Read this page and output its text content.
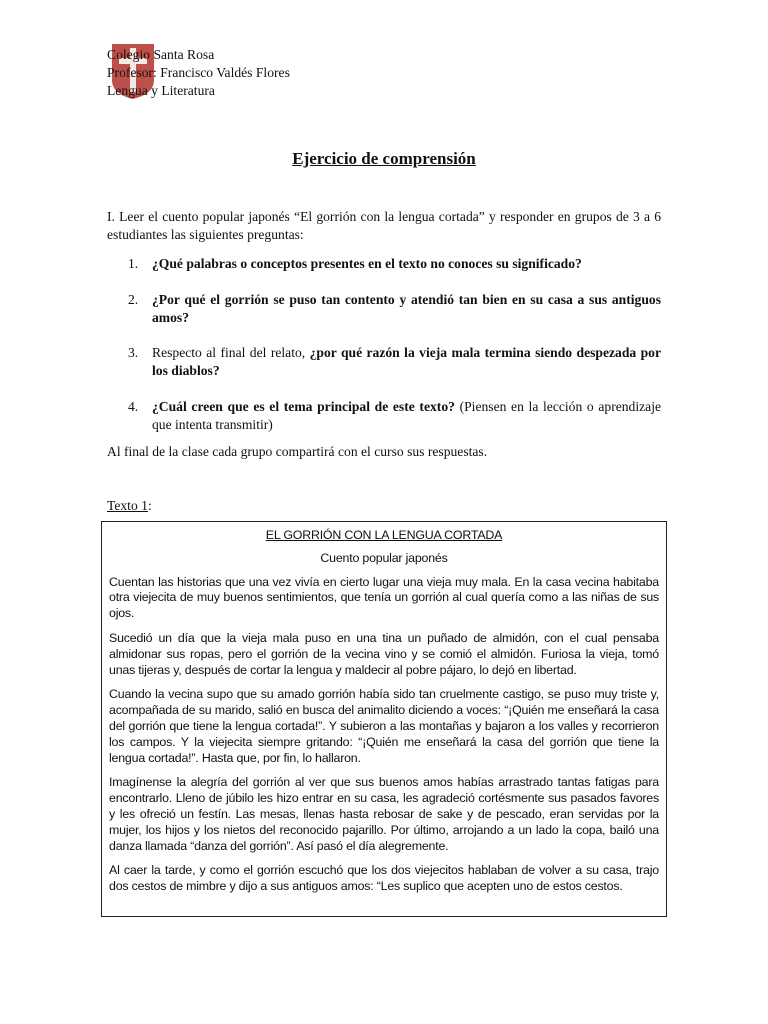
Colegio Santa Rosa
Profesor: Francisco Valdés Flores
Lengua y Literatura
Ejercicio de comprensión
I. Leer el cuento popular japonés “El gorrión con la lengua cortada” y responder en grupos de 3 a 6 estudiantes las siguientes preguntas:
1. ¿Qué palabras o conceptos presentes en el texto no conoces su significado?
2. ¿Por qué el gorrión se puso tan contento y atendió tan bien en su casa a sus antiguos amos?
3. Respecto al final del relato, ¿por qué razón la vieja mala termina siendo despezada por los diablos?
4. ¿Cuál creen que es el tema principal de este texto? (Piensen en la lección o aprendizaje que intenta transmitir)
Al final de la clase cada grupo compartirá con el curso sus respuestas.
Texto 1:

EL GORRIÓN CON LA LENGUA CORTADA

Cuento popular japonés

Cuentan las historias que una vez vivía en cierto lugar una vieja muy mala. En la casa vecina habitaba otra viejecita de muy buenos sentimientos, que tenía un gorrión al cual quería como a las niñas de sus ojos.

Sucedió un día que la vieja mala puso en una tina un puñado de almidón, con el cual pensaba almidonar sus ropas, pero el gorrión de la vecina vino y se comió el almidón. Furiosa la vieja, tomó unas tijeras y, después de cortar la lengua y maldecir al pobre pájaro, lo dejó en libertad.

Cuando la vecina supo que su amado gorrión había sido tan cruelmente castigo, se puso muy triste y, acompañada de su marido, salió en busca del animalito diciendo a voces: “¡Quién me enseñará la casa del gorrión que tiene la lengua cortada!”. Y subieron a las montañas y bajaron a los valles y recorrieron los campos. Y la viejecita siempre gritando: “¡Quién me enseñará la casa del gorrión que tiene la lengua cortada!”. Hasta que, por fin, lo hallaron.

Imagínense la alegría del gorrión al ver que sus buenos amos habías arrastrado tantas fatigas para encontrarlo. Lleno de júbilo les hizo entrar en su casa, les agradeció cortésmente sus pasados favores y les ofreció un festín. Las mesas, llenas hasta rebosar de sake y de pescado, eran servidas por la mujer, los hijos y los nietos del reconocido pajarillo. Por último, arrojando a un lado la copa, bailó una danza llamada “danza del gorrión”. Así pasó el día alegremente.

Al caer la tarde, y como el gorrión escuchó que los dos viejecitos hablaban de volver a su casa, trajo dos cestos de mimbre y dijo a sus antiguos amos: “Les suplico que acepten uno de estos cestos.
